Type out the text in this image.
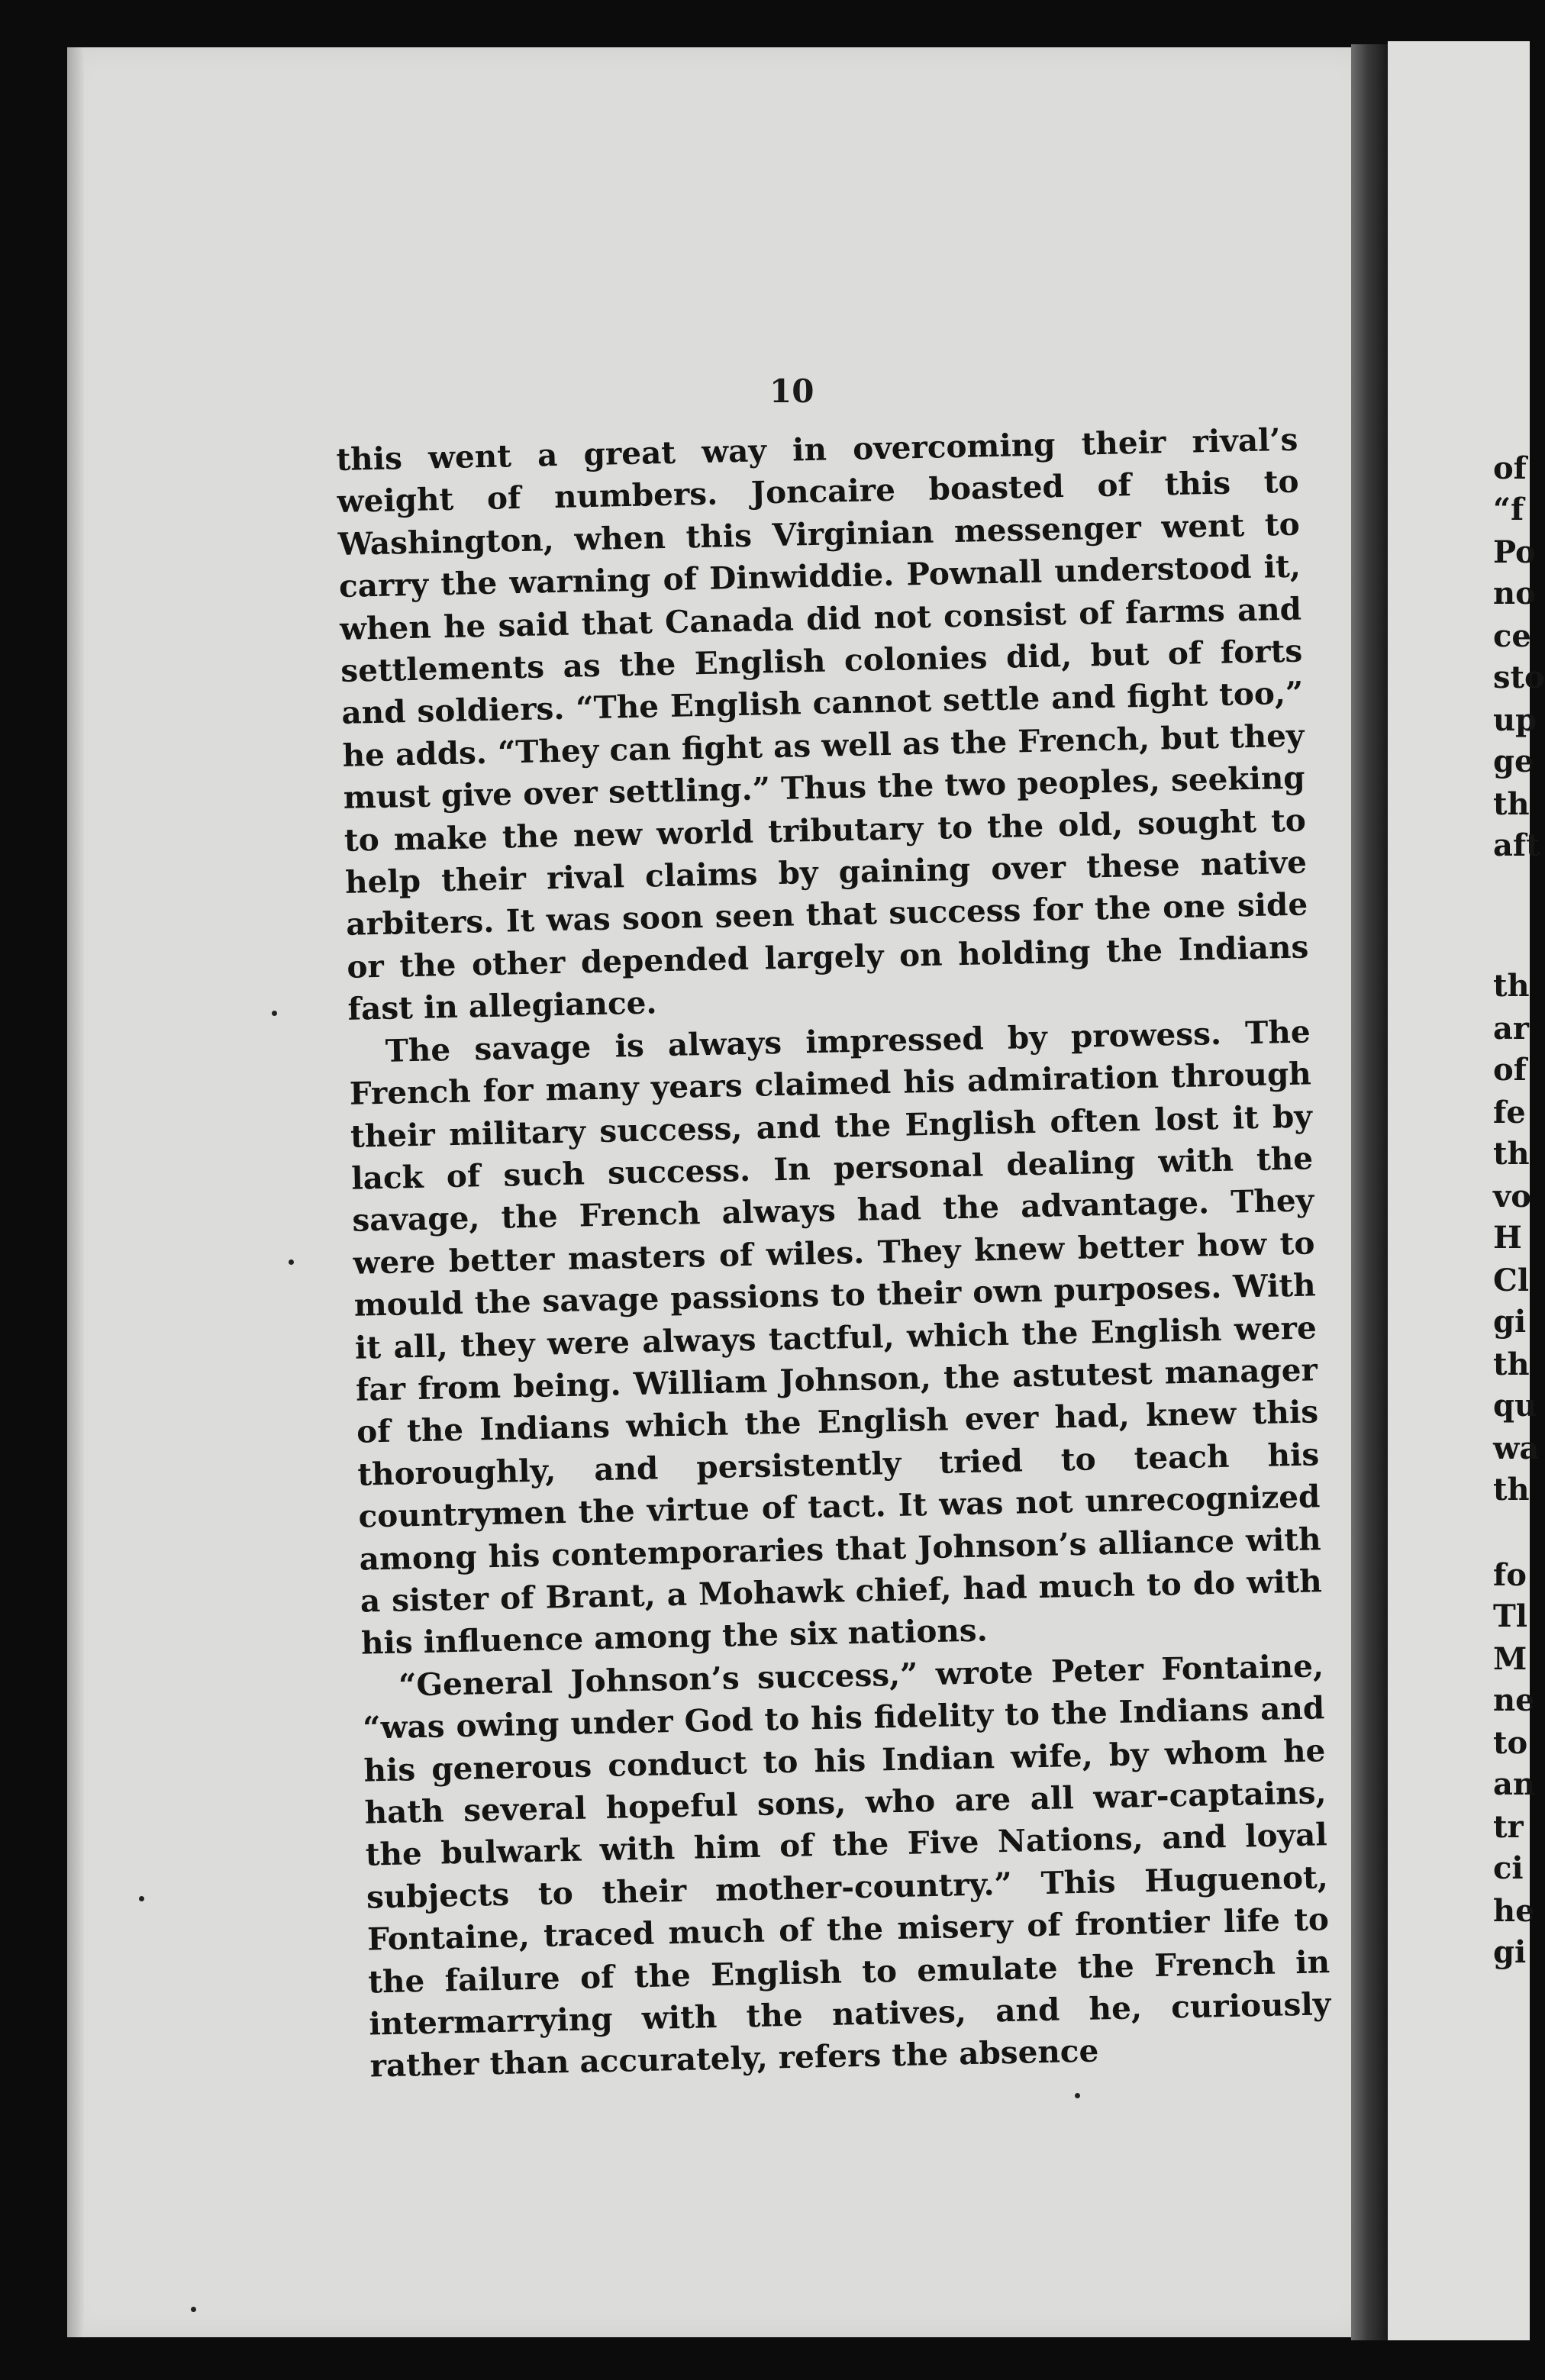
of

“f

Po

no

ce

sto

up

ge

th

aft

th

ar

of

fe

th

vo

H

Cl

gi

th

qu

wa

th

fo

Tl

M

ne

to

an

tr

ci

he

gi

10

this went a great way in overcoming their rival’s weight of numbers. Joncaire boasted of this to Washington, when this Virginian messenger went to carry the warning of Dinwiddie. Pownall understood it, when he said that Canada did not consist of farms and settlements as the English colonies did, but of forts and soldiers. “The English cannot settle and fight too,” he adds. “They can fight as well as the French, but they must give over settling.” Thus the two peoples, seeking to make the new world tributary to the old, sought to help their rival claims by gaining over these native arbiters. It was soon seen that success for the one side or the other depended largely on holding the Indians fast in allegiance.

The savage is always impressed by prowess. The French for many years claimed his admiration through their military success, and the English often lost it by lack of such success. In personal dealing with the savage, the French always had the advantage. They were better masters of wiles. They knew better how to mould the savage passions to their own purposes. With it all, they were always tactful, which the English were far from being. William Johnson, the astutest manager of the Indians which the English ever had, knew this thoroughly, and persistently tried to teach his countrymen the virtue of tact. It was not unrecognized among his contemporaries that Johnson’s alliance with a sister of Brant, a Mohawk chief, had much to do with his influence among the six nations.

“General Johnson’s success,” wrote Peter Fontaine, “was owing under God to his fidelity to the Indians and his generous conduct to his Indian wife, by whom he hath several hopeful sons, who are all war-captains, the bulwark with him of the Five Nations, and loyal subjects to their mother-country.” This Huguenot, Fontaine, traced much of the misery of frontier life to the failure of the English to emulate the French in intermarrying with the natives, and he, curiously rather than accurately, refers the absence
